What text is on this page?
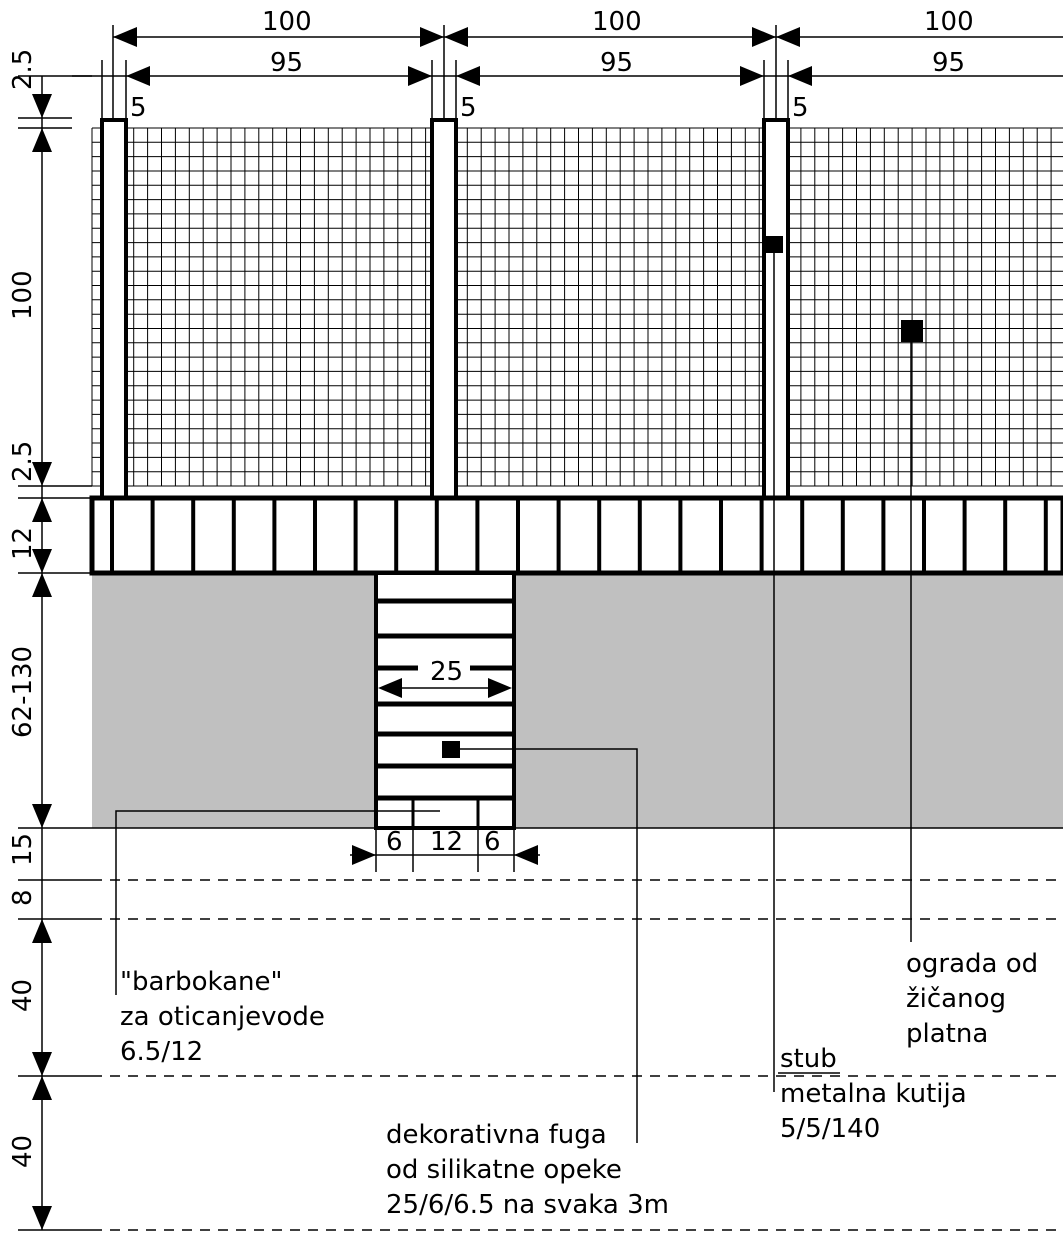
25
100	100	100
95	95	95
5	5	5
2.5
100
2.5
12
62-130
15
8
40
40
6 12 6
"barbokane"
za oticanjevode
6.5/12
dekorativna fuga
od silikatne opeke
25/6/6.5 na svaka 3m
stub
metalna kutija
5/5/140
ograda od
žičanog
platna
